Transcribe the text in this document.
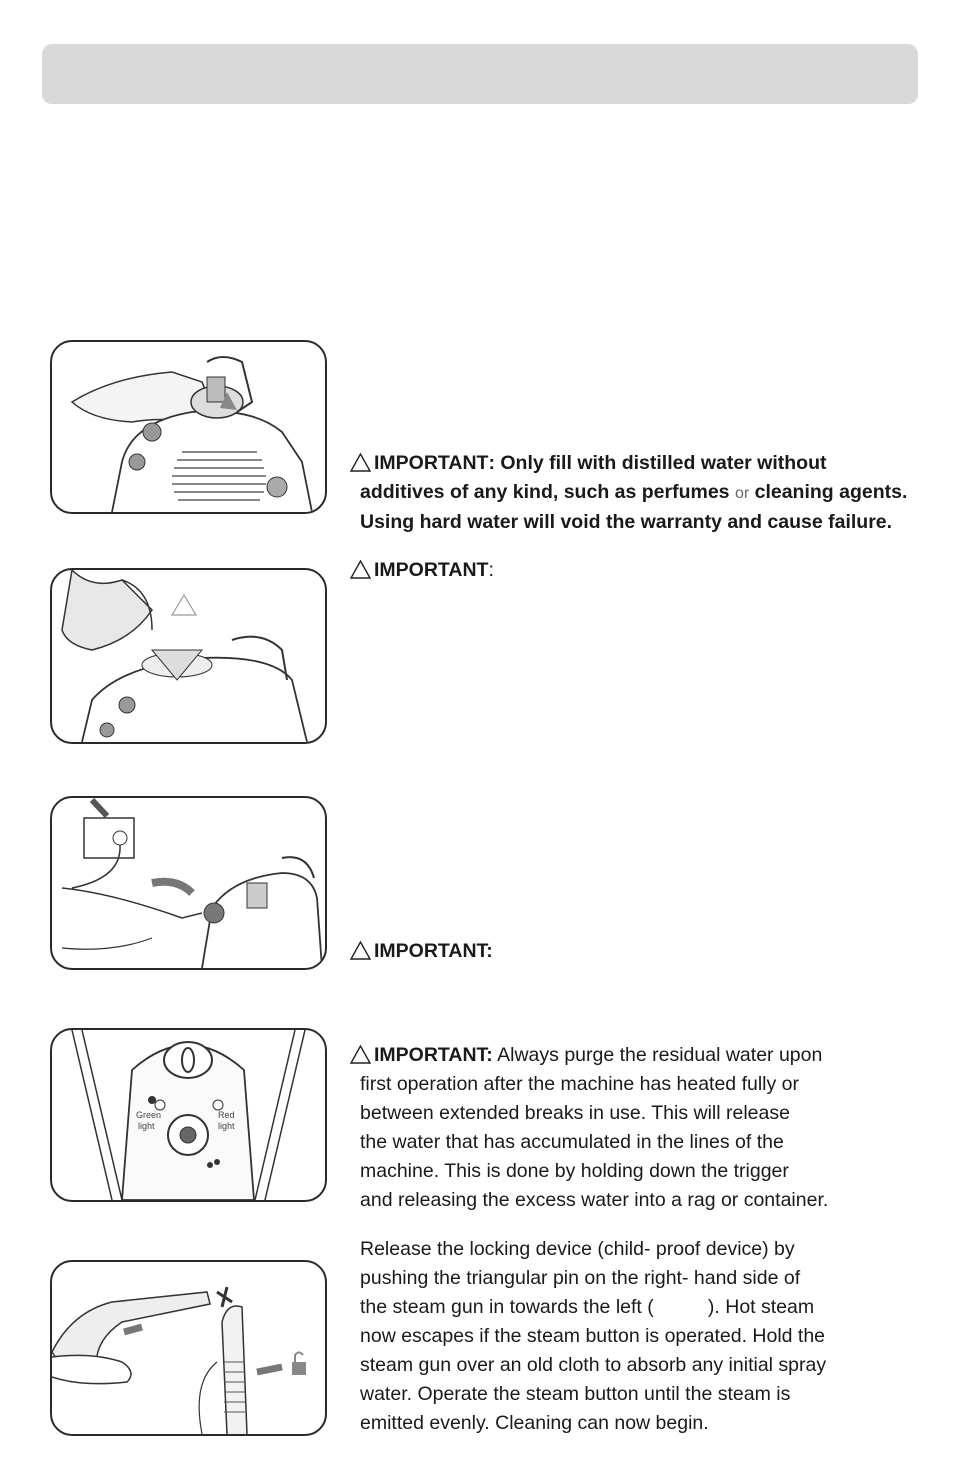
Green
light
Red
light
IMPORTANT: Only fill with distilled water without
additives of any kind, such as perfumes or cleaning agents.
Using hard water will void the warranty and cause failure.
IMPORTANT:
IMPORTANT:
IMPORTANT: Always purge the residual water upon
first operation after the machine has heated fully or
between extended breaks in use. This will release
the water that has accumulated in the lines of the
machine. This is done by holding down the trigger
and releasing the excess water into a rag or container.
Release the locking device (child- proof device) by
pushing the triangular pin on the right- hand side of
the steam gun in towards the left (          ). Hot steam
now escapes if the steam button is operated. Hold the
steam gun over an old cloth to absorb any initial spray
water. Operate the steam button until the steam is
emitted evenly. Cleaning can now begin.
